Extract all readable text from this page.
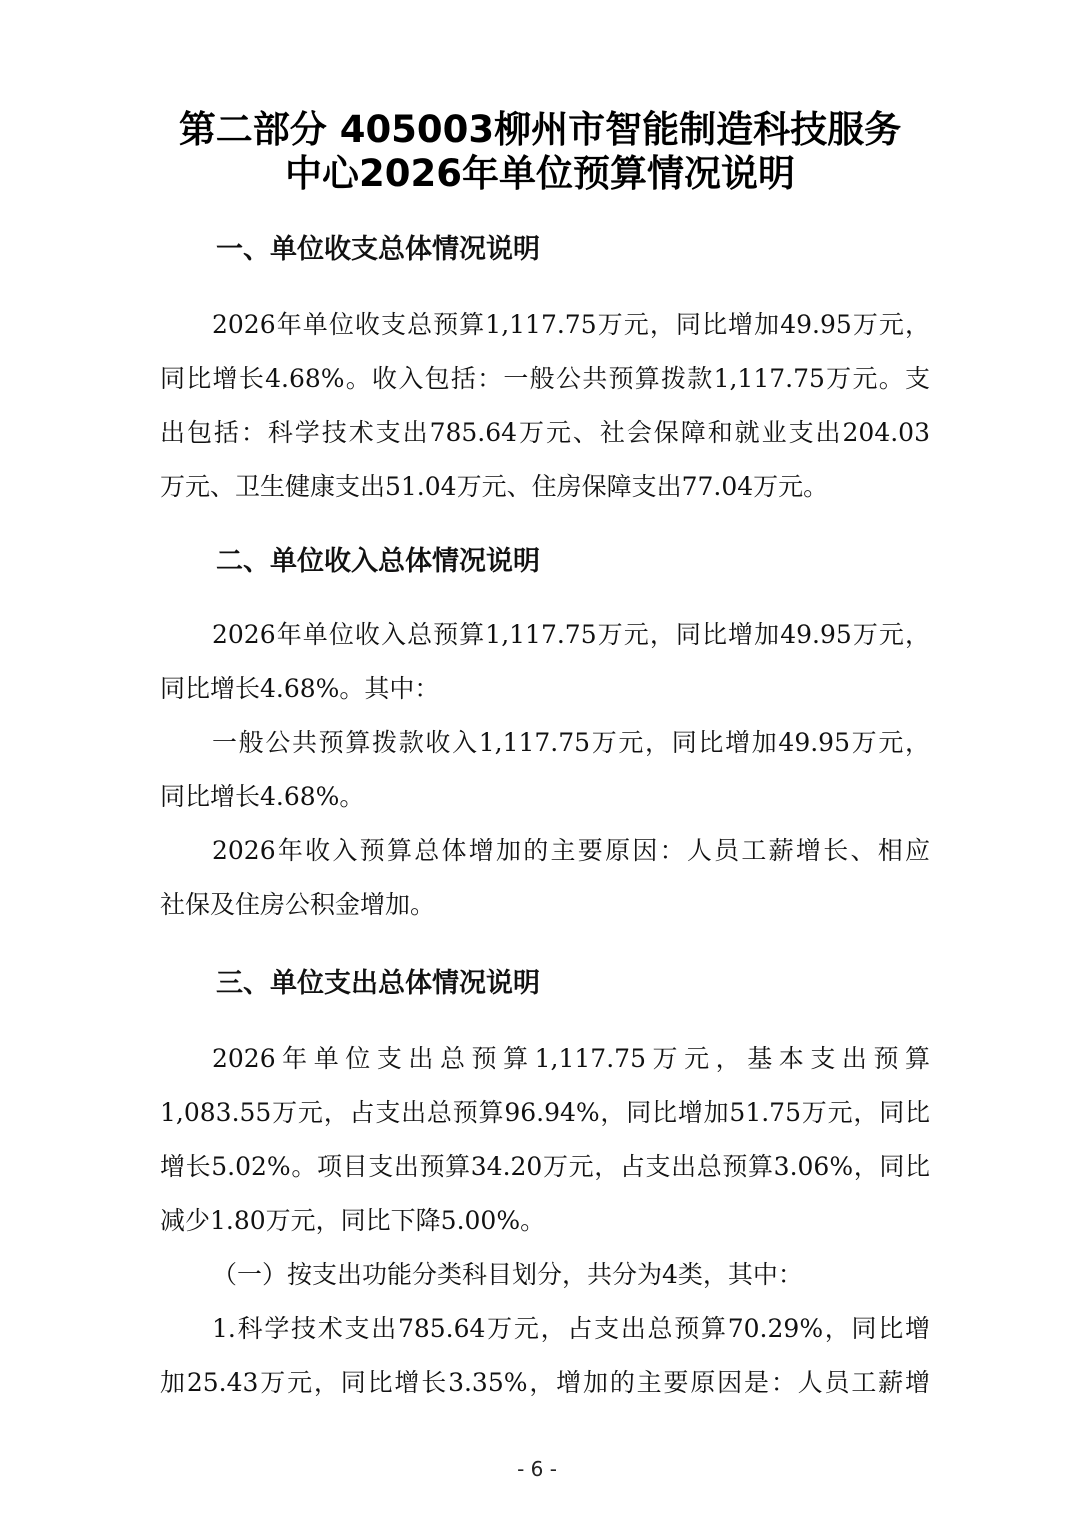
第二部分 405003柳州市智能制造科技服务
中心2026年单位预算情况说明
一、单位收支总体情况说明
2026年单位收支总预算1,117.75万元，同比增加49.95万元，
同比增长4.68%。收入包括：一般公共预算拨款1,117.75万元。支
出包括：科学技术支出785.64万元、社会保障和就业支出204.03
万元、卫生健康支出51.04万元、住房保障支出77.04万元。
二、单位收入总体情况说明
2026年单位收入总预算1,117.75万元，同比增加49.95万元，
同比增长4.68%。其中：
一般公共预算拨款收入1,117.75万元，同比增加49.95万元，
同比增长4.68%。
2026年收入预算总体增加的主要原因：人员工薪增长、相应
社保及住房公积金增加。
三、单位支出总体情况说明
2026年单位支出总预算1,117.75万元，基本支出预算
1,083.55万元，占支出总预算96.94%，同比增加51.75万元，同比
增长5.02%。项目支出预算34.20万元，占支出总预算3.06%，同比
减少1.80万元，同比下降5.00%。
（一）按支出功能分类科目划分，共分为4类，其中：
1.科学技术支出785.64万元，占支出总预算70.29%，同比增
加25.43万元，同比增长3.35%，增加的主要原因是：人员工薪增
- 6 -
